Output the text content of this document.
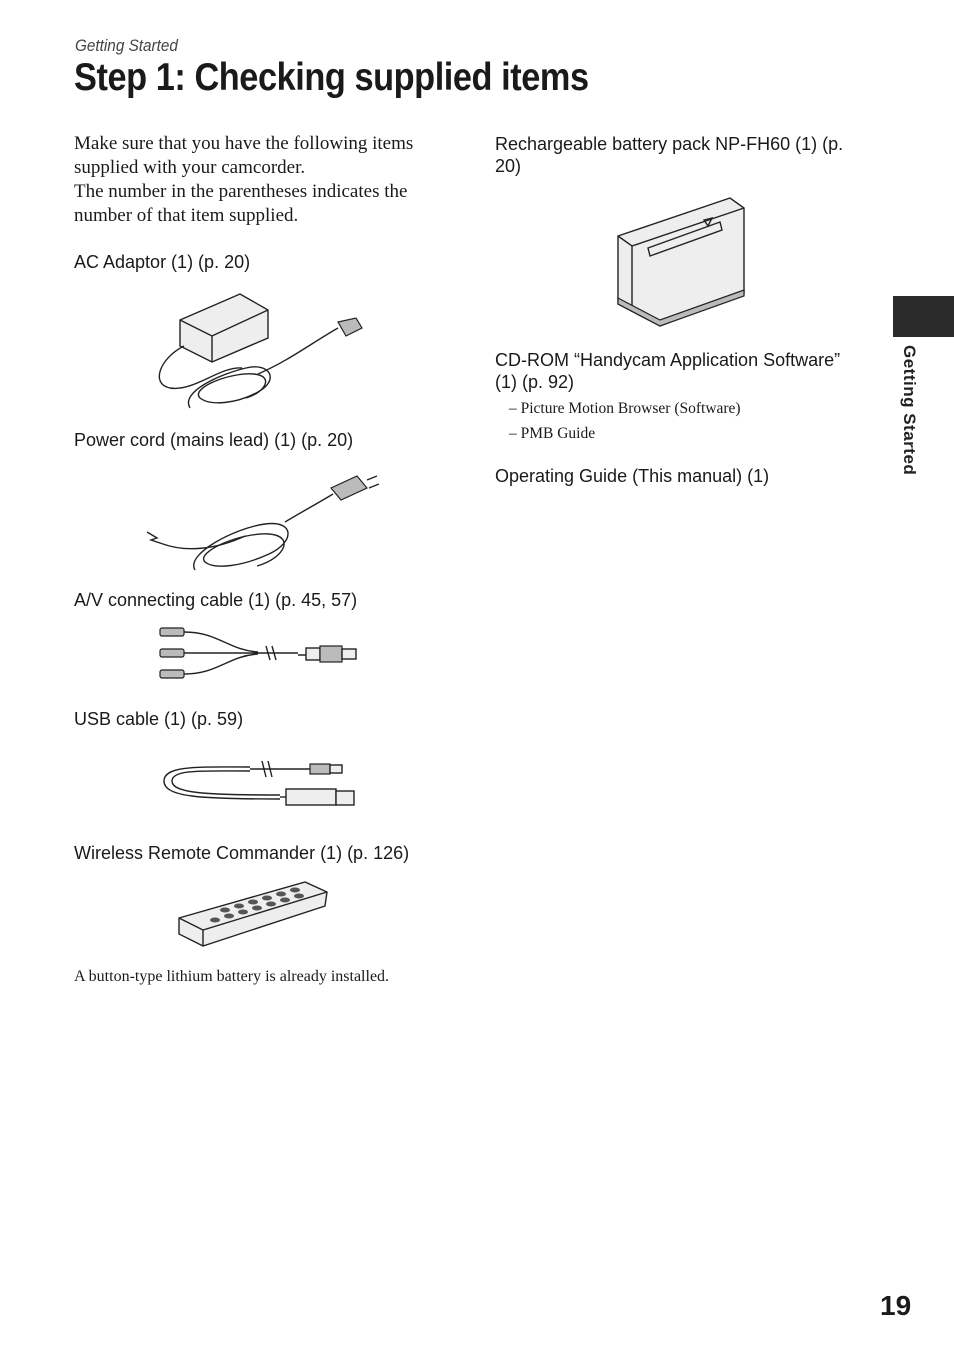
Getting Started
Step 1: Checking supplied items

Make sure that you have the following items supplied with your camcorder.

The number in the parentheses indicates the number of that item supplied.

AC Adaptor (1) (p. 20)
Power cord (mains lead) (1) (p. 20)
A/V connecting cable (1) (p. 45, 57)
USB cable (1) (p. 59)
Wireless Remote Commander (1) (p. 126)
A button-type lithium battery is already installed.
Rechargeable battery pack NP-FH60 (1) (p. 20)
CD-ROM “Handycam Application Software” (1) (p. 92)
– Picture Motion Browser (Software)
– PMB Guide
Operating Guide (This manual) (1)
Getting Started
19
